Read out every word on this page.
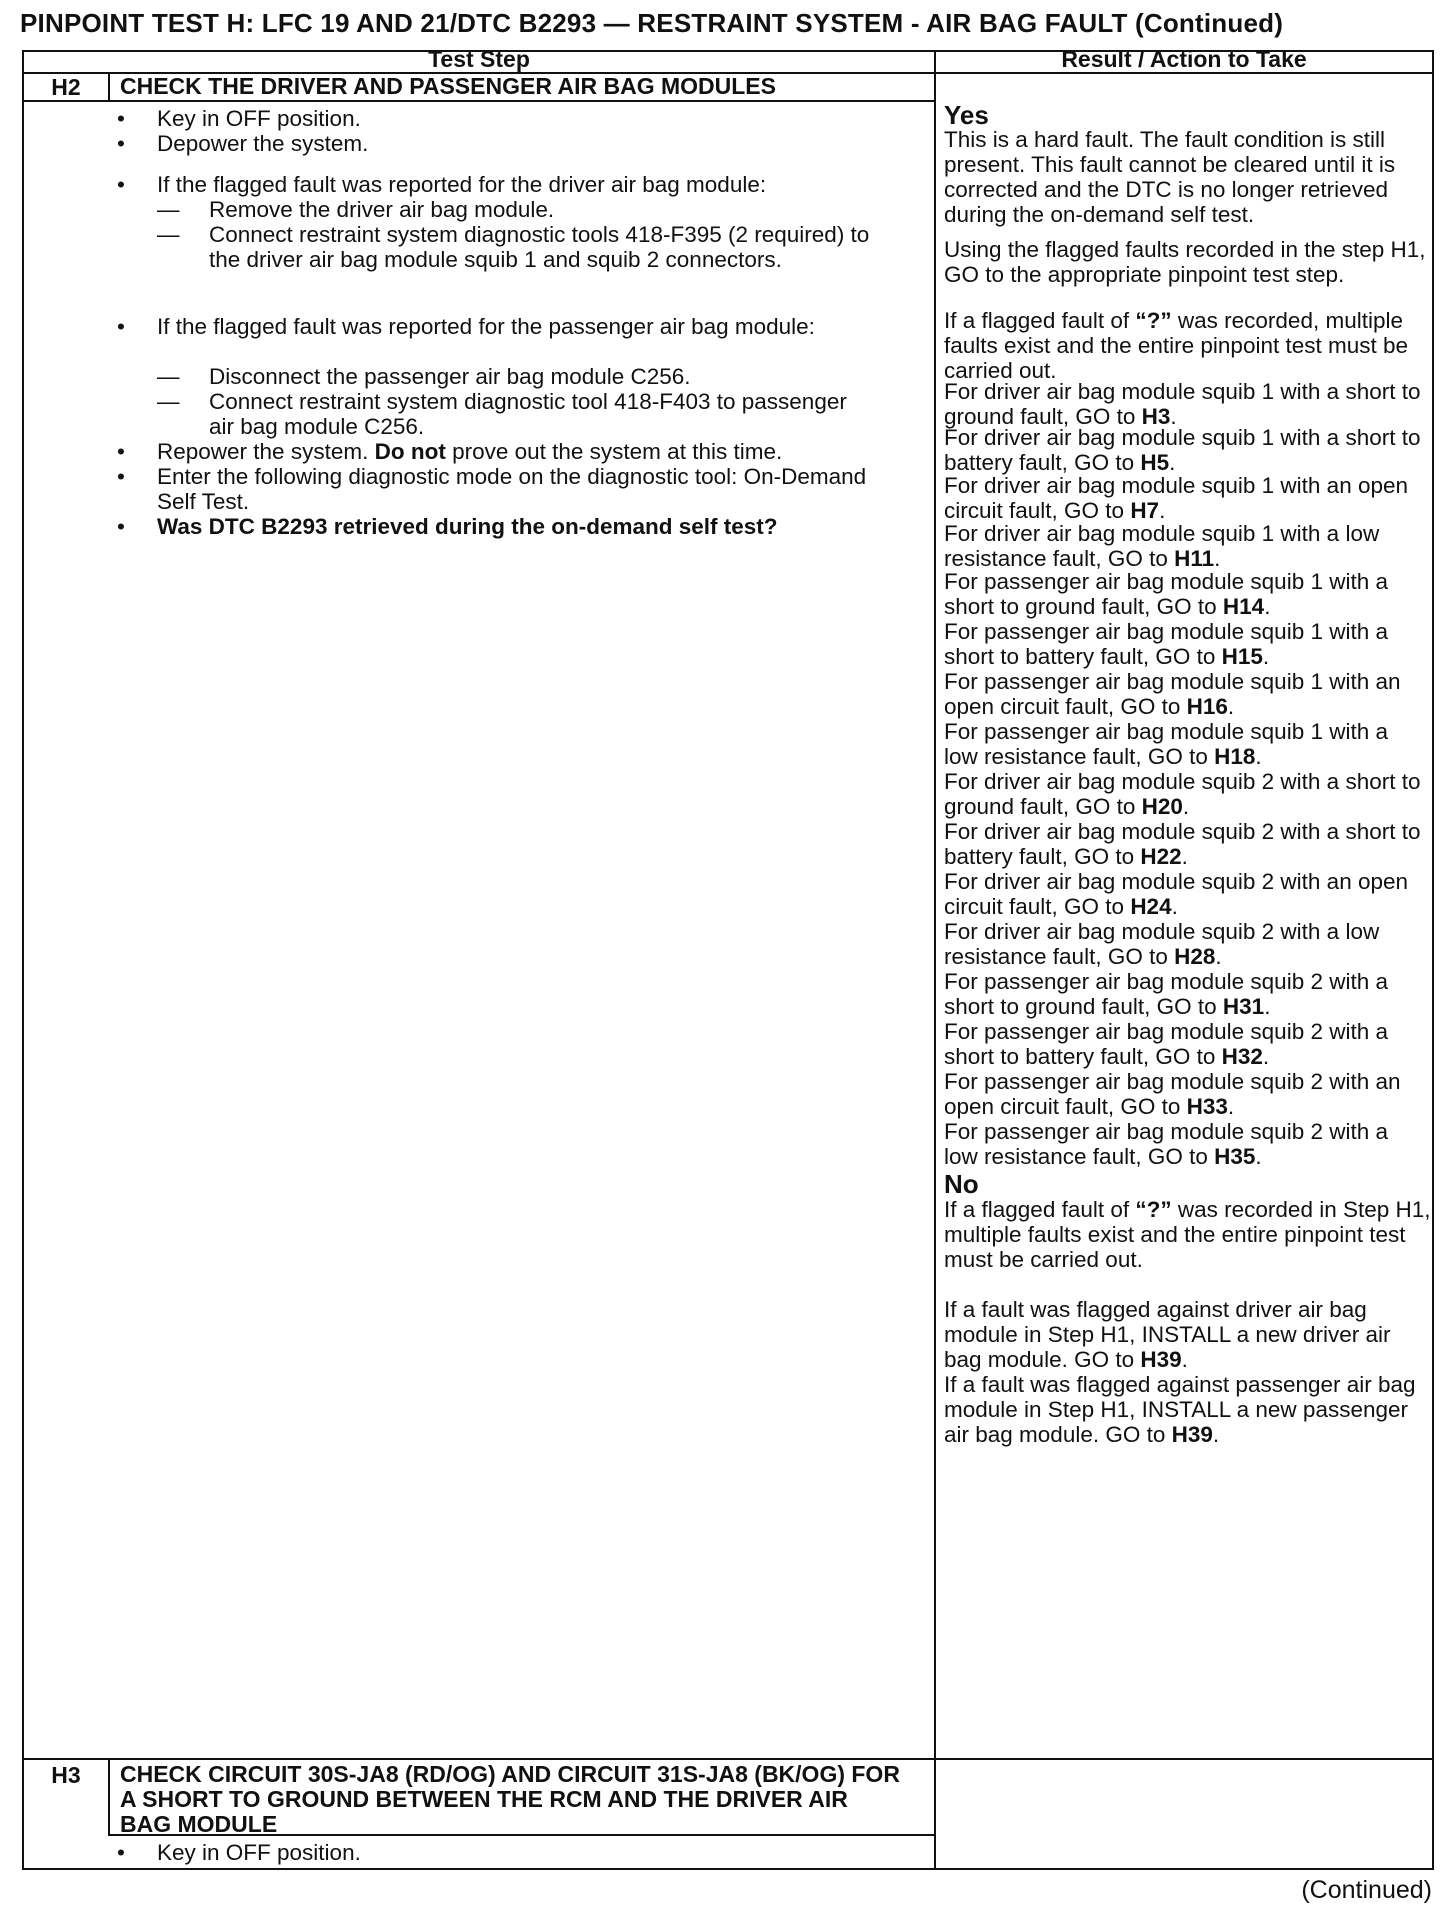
PINPOINT TEST H: LFC 19 AND 21/DTC B2293 — RESTRAINT SYSTEM - AIR BAG FAULT (Continued)
Test Step	Result / Action to Take
H2	CHECK THE DRIVER AND PASSENGER AIR BAG MODULES
•	Key in OFF position.
•	Depower the system.
•	If the flagged fault was reported for the driver air bag module:
— Remove the driver air bag module.
— Connect restraint system diagnostic tools 418-F395 (2 required) to the driver air bag module squib 1 and squib 2 connectors.
•	If the flagged fault was reported for the passenger air bag module:
— Disconnect the passenger air bag module C256.
— Connect restraint system diagnostic tool 418-F403 to passenger air bag module C256.
•	Repower the system. Do not prove out the system at this time.
•	Enter the following diagnostic mode on the diagnostic tool: On-Demand Self Test.
•	Was DTC B2293 retrieved during the on-demand self test?
Yes
This is a hard fault. The fault condition is still present. This fault cannot be cleared until it is corrected and the DTC is no longer retrieved during the on-demand self test.
Using the flagged faults recorded in the step H1, GO to the appropriate pinpoint test step.
If a flagged fault of “?” was recorded, multiple faults exist and the entire pinpoint test must be carried out.
For driver air bag module squib 1 with a short to ground fault, GO to H3.
For driver air bag module squib 1 with a short to battery fault, GO to H5.
For driver air bag module squib 1 with an open circuit fault, GO to H7.
For driver air bag module squib 1 with a low resistance fault, GO to H11.
For passenger air bag module squib 1 with a short to ground fault, GO to H14.
For passenger air bag module squib 1 with a short to battery fault, GO to H15.
For passenger air bag module squib 1 with an open circuit fault, GO to H16.
For passenger air bag module squib 1 with a low resistance fault, GO to H18.
For driver air bag module squib 2 with a short to ground fault, GO to H20.
For driver air bag module squib 2 with a short to battery fault, GO to H22.
For driver air bag module squib 2 with an open circuit fault, GO to H24.
For driver air bag module squib 2 with a low resistance fault, GO to H28.
For passenger air bag module squib 2 with a short to ground fault, GO to H31.
For passenger air bag module squib 2 with a short to battery fault, GO to H32.
For passenger air bag module squib 2 with an open circuit fault, GO to H33.
For passenger air bag module squib 2 with a low resistance fault, GO to H35.
No
If a flagged fault of “?” was recorded in Step H1, multiple faults exist and the entire pinpoint test must be carried out.
If a fault was flagged against driver air bag module in Step H1, INSTALL a new driver air bag module. GO to H39.
If a fault was flagged against passenger air bag module in Step H1, INSTALL a new passenger air bag module. GO to H39.
H3	CHECK CIRCUIT 30S-JA8 (RD/OG) AND CIRCUIT 31S-JA8 (BK/OG) FOR A SHORT TO GROUND BETWEEN THE RCM AND THE DRIVER AIR BAG MODULE
•	Key in OFF position.
(Continued)
